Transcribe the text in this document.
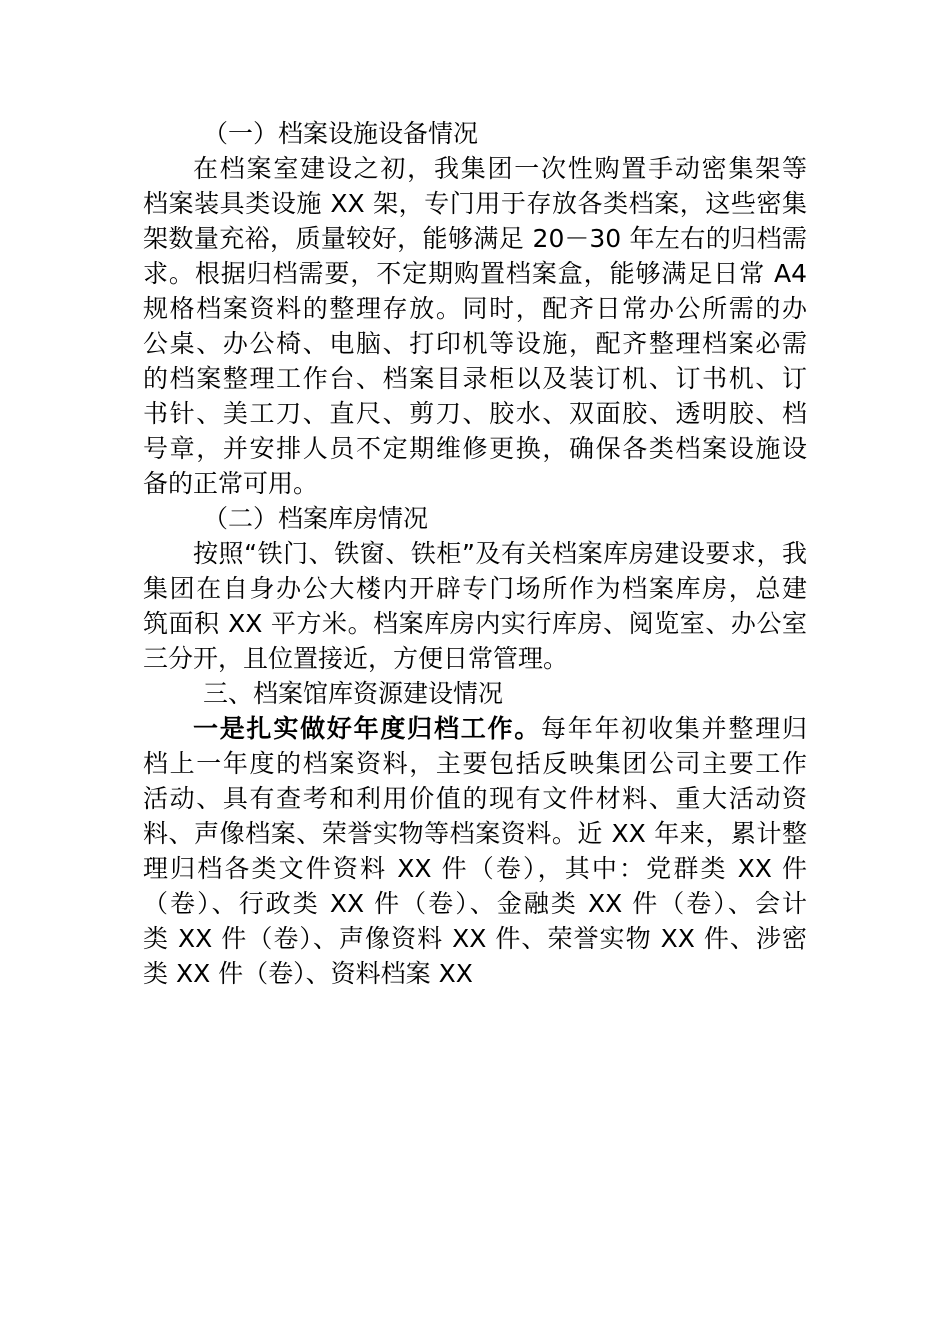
（一）档案设施设备情况
在档案室建设之初，我集团一次性购置手动密集架等
档案装具类设施 XX 架，专门用于存放各类档案，这些密集
架数量充裕，质量较好，能够满足 20－30 年左右的归档需
求。根据归档需要，不定期购置档案盒，能够满足日常 A4
规格档案资料的整理存放。同时，配齐日常办公所需的办
公桌、办公椅、电脑、打印机等设施，配齐整理档案必需
的档案整理工作台、档案目录柜以及装订机、订书机、订
书针、美工刀、直尺、剪刀、胶水、双面胶、透明胶、档
号章，并安排人员不定期维修更换，确保各类档案设施设
备的正常可用。
（二）档案库房情况
按照“铁门、铁窗、铁柜”及有关档案库房建设要求，我
集团在自身办公大楼内开辟专门场所作为档案库房，总建
筑面积 XX 平方米。档案库房内实行库房、阅览室、办公室
三分开，且位置接近，方便日常管理。
三、档案馆库资源建设情况
一是扎实做好年度归档工作。每年年初收集并整理归
档上一年度的档案资料，主要包括反映集团公司主要工作
活动、具有查考和利用价值的现有文件材料、重大活动资
料、声像档案、荣誉实物等档案资料。近 XX 年来，累计整
理归档各类文件资料 XX 件（卷），其中：党群类 XX 件
（卷）、行政类 XX 件（卷）、金融类 XX 件（卷）、会计
类 XX 件（卷）、声像资料 XX 件、荣誉实物 XX 件、涉密
类 XX 件（卷）、资料档案 XX
